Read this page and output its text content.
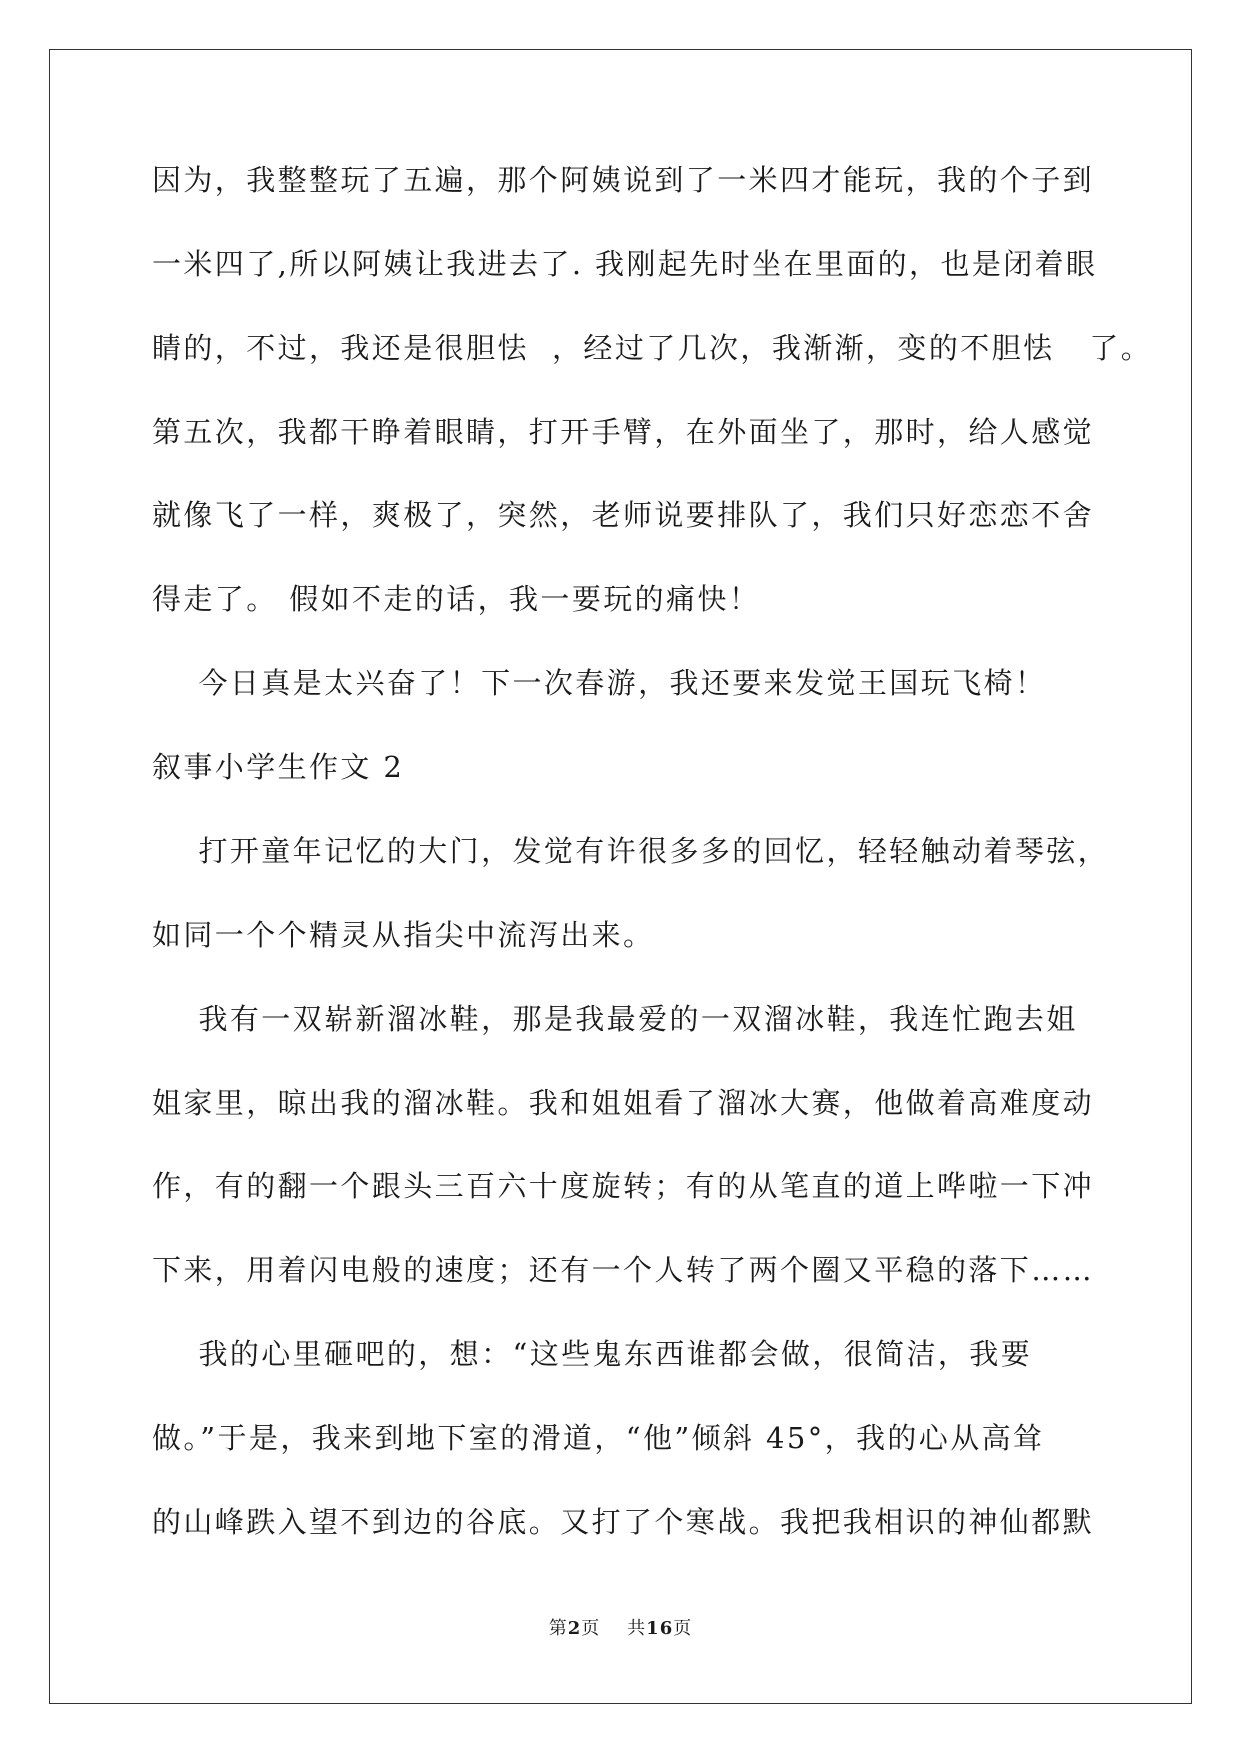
因为，我整整玩了五遍，那个阿姨说到了一米四才能玩，我的个子到
一米四了,所以阿姨让我进去了. 我刚起先时坐在里面的，也是闭着眼
睛的，不过，我还是很胆怯  ，经过了几次，我渐渐，变的不胆怯   了。
第五次，我都干睁着眼睛，打开手臂，在外面坐了，那时，给人感觉
就像飞了一样，爽极了，突然，老师说要排队了，我们只好恋恋不舍
得走了。 假如不走的话，我一要玩的痛快！
今日真是太兴奋了！下一次春游，我还要来发觉王国玩飞椅！
叙事小学生作文 2
打开童年记忆的大门，发觉有许很多多的回忆，轻轻触动着琴弦，
如同一个个精灵从指尖中流泻出来。
我有一双崭新溜冰鞋，那是我最爱的一双溜冰鞋，我连忙跑去姐
姐家里，晾出我的溜冰鞋。我和姐姐看了溜冰大赛，他做着高难度动
作，有的翻一个跟头三百六十度旋转；有的从笔直的道上哗啦一下冲
下来，用着闪电般的速度；还有一个人转了两个圈又平稳的落下……
我的心里砸吧的，想：“这些鬼东西谁都会做，很简洁，我要
做。”于是，我来到地下室的滑道，“他”倾斜 45°，我的心从高耸
的山峰跌入望不到边的谷底。又打了个寒战。我把我相识的神仙都默
第2页 共16页
